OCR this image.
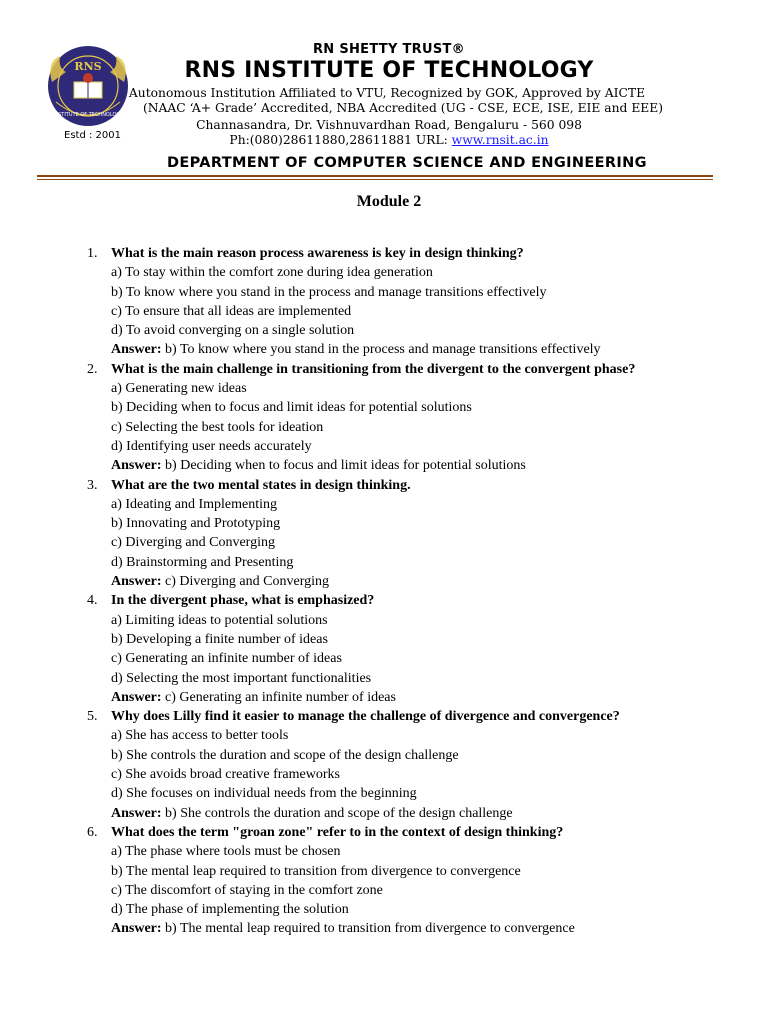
RNS
INSTITUTE OF TECHNOLOGY
Estd : 2001
RN SHETTY TRUST®
RNS INSTITUTE OF TECHNOLOGY
Autonomous Institution Affiliated to VTU, Recognized by GOK, Approved by AICTE
(NAAC ‘A+ Grade’ Accredited, NBA Accredited (UG - CSE, ECE, ISE, EIE and EEE)
Channasandra, Dr. Vishnuvardhan Road, Bengaluru - 560 098
Ph:(080)28611880,28611881 URL: www.rnsit.ac.in
DEPARTMENT OF COMPUTER SCIENCE AND ENGINEERING
Module 2
1. What is the main reason process awareness is key in design thinking?
a) To stay within the comfort zone during idea generation
b) To know where you stand in the process and manage transitions effectively
c) To ensure that all ideas are implemented
d) To avoid converging on a single solution
Answer: b) To know where you stand in the process and manage transitions effectively
2. What is the main challenge in transitioning from the divergent to the convergent phase?
a) Generating new ideas
b) Deciding when to focus and limit ideas for potential solutions
c) Selecting the best tools for ideation
d) Identifying user needs accurately
Answer: b) Deciding when to focus and limit ideas for potential solutions
3. What are the two mental states in design thinking.
a) Ideating and Implementing
b) Innovating and Prototyping
c) Diverging and Converging
d) Brainstorming and Presenting
Answer: c) Diverging and Converging
4. In the divergent phase, what is emphasized?
a) Limiting ideas to potential solutions
b) Developing a finite number of ideas
c) Generating an infinite number of ideas
d) Selecting the most important functionalities
Answer: c) Generating an infinite number of ideas
5. Why does Lilly find it easier to manage the challenge of divergence and convergence?
a) She has access to better tools
b) She controls the duration and scope of the design challenge
c) She avoids broad creative frameworks
d) She focuses on individual needs from the beginning
Answer: b) She controls the duration and scope of the design challenge
6. What does the term "groan zone" refer to in the context of design thinking?
a) The phase where tools must be chosen
b) The mental leap required to transition from divergence to convergence
c) The discomfort of staying in the comfort zone
d) The phase of implementing the solution
Answer: b) The mental leap required to transition from divergence to convergence
